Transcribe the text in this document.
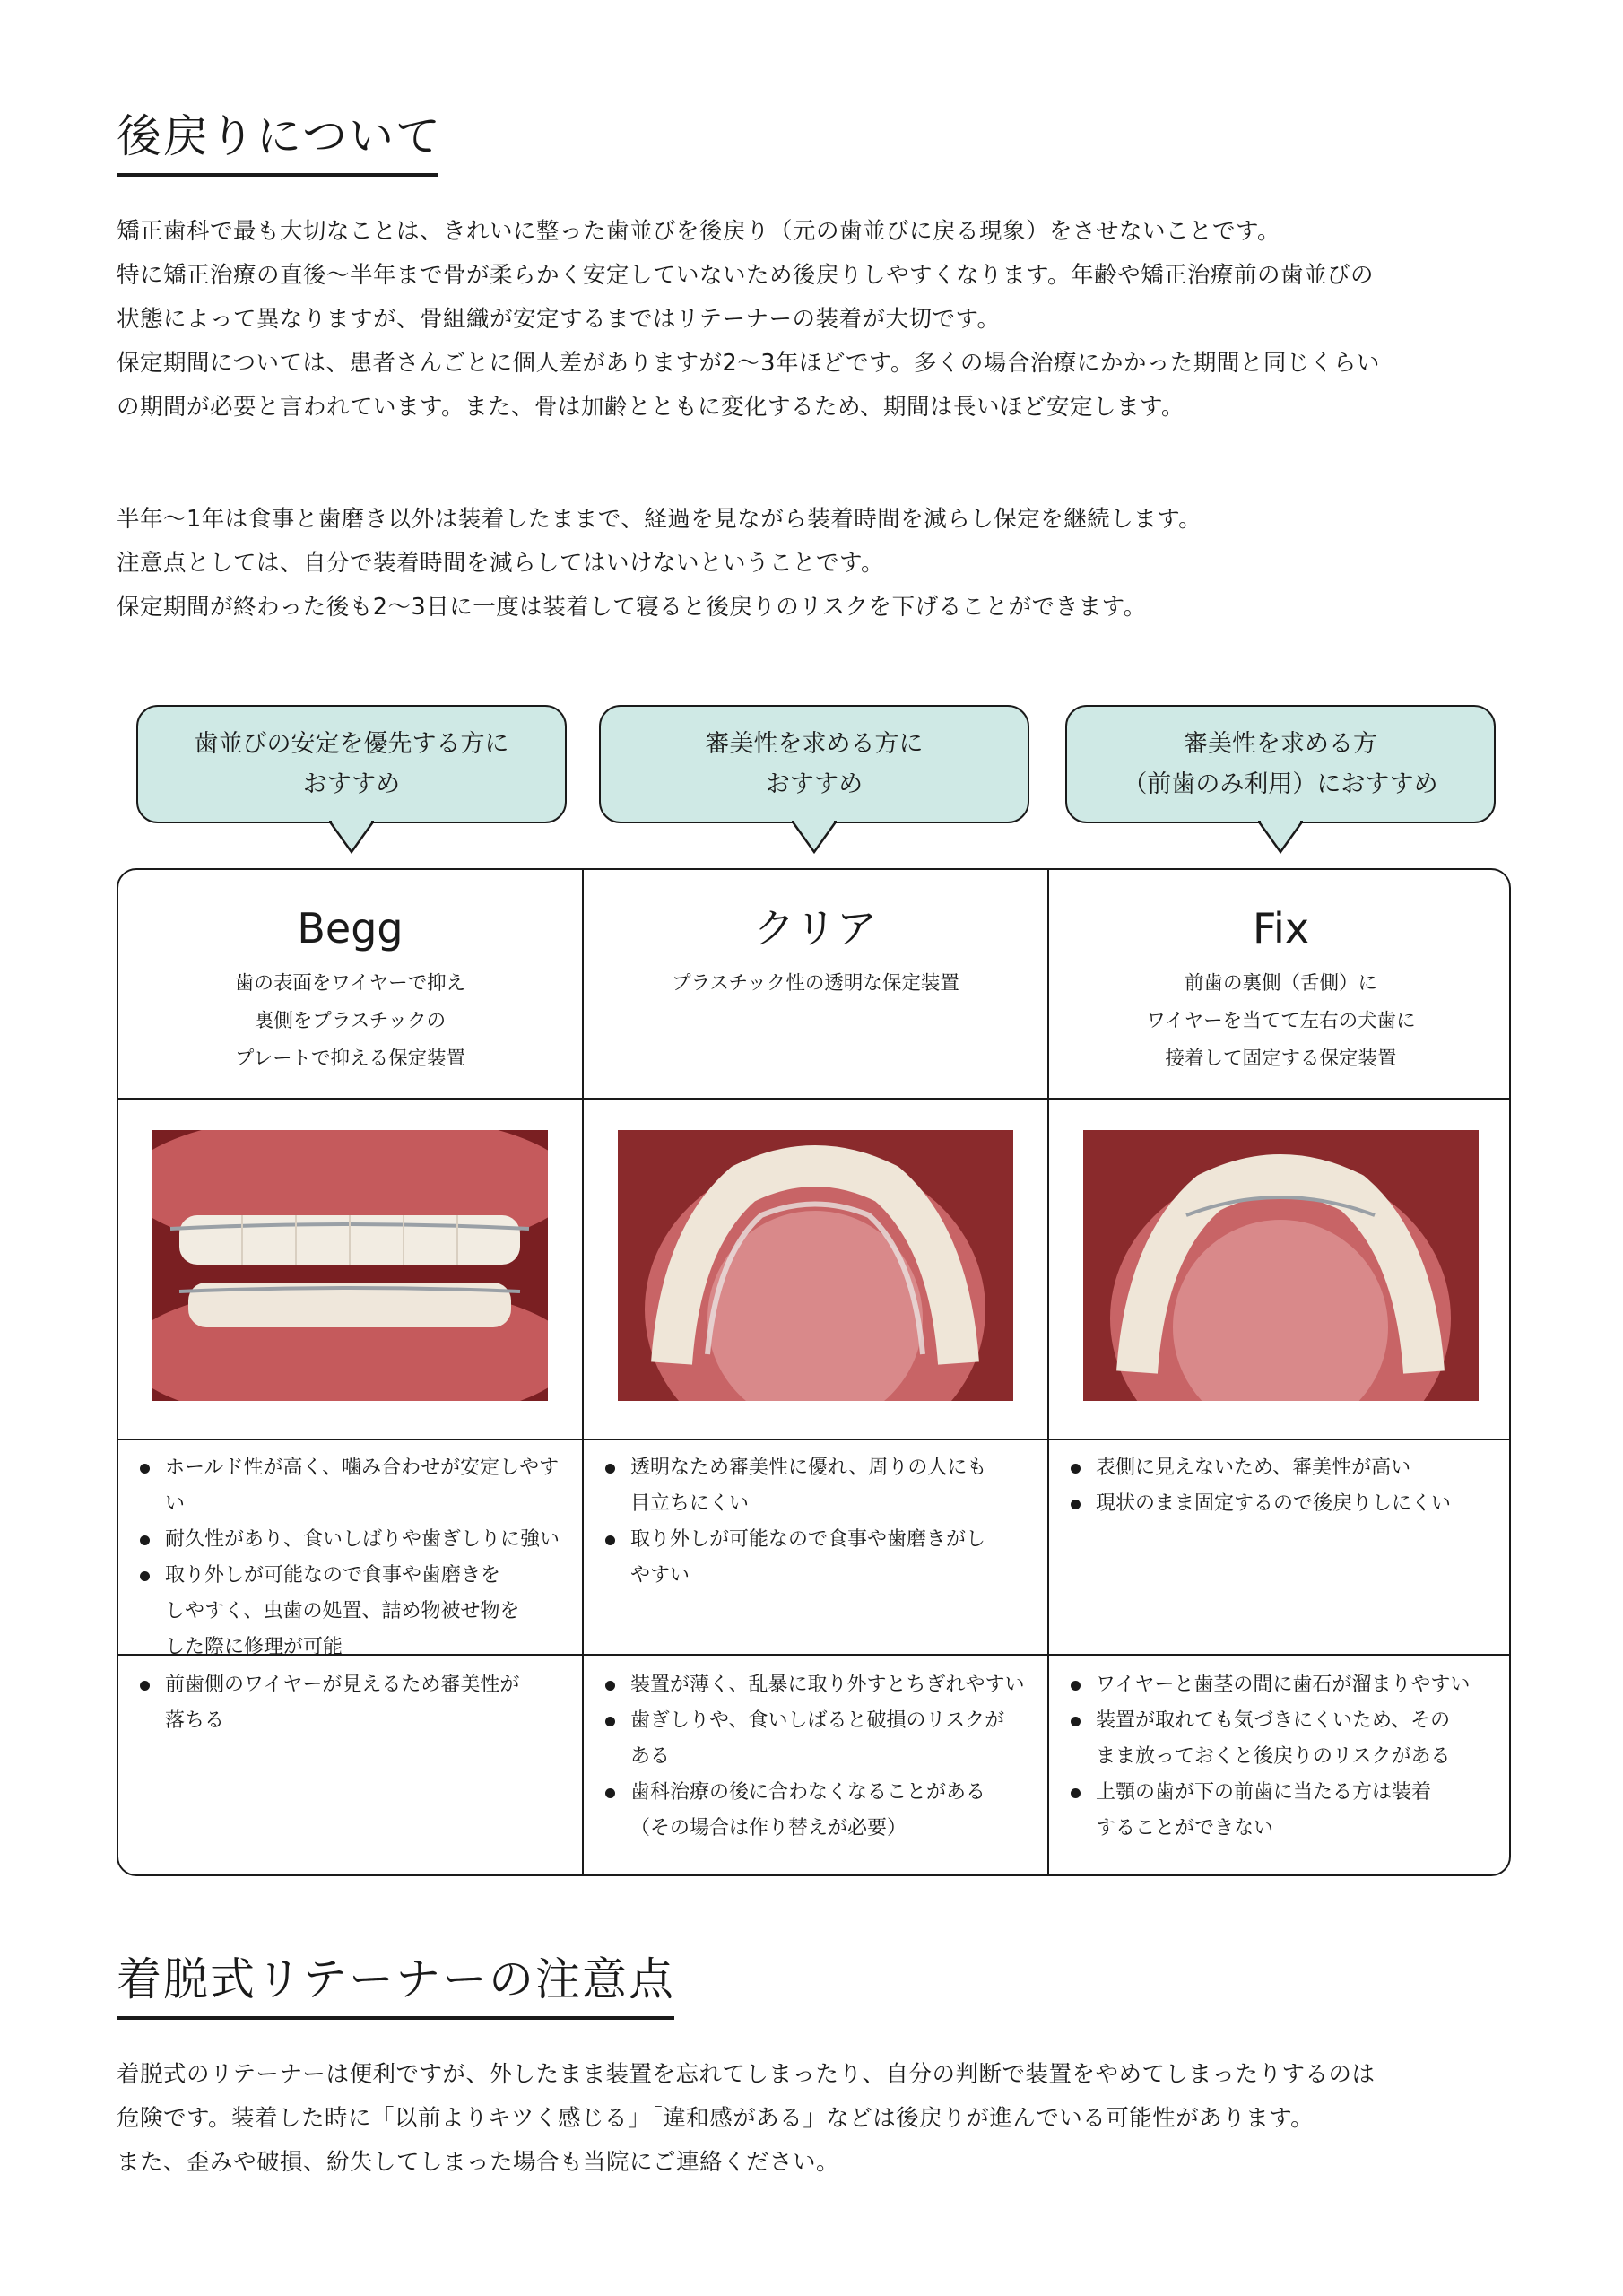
後戻りについて

矯正歯科で最も大切なことは、きれいに整った歯並びを後戻り（元の歯並びに戻る現象）をさせないことです。

特に矯正治療の直後〜半年まで骨が柔らかく安定していないため後戻りしやすくなります。年齢や矯正治療前の歯並びの

状態によって異なりますが、骨組織が安定するまではリテーナーの装着が大切です。

保定期間については、患者さんごとに個人差がありますが2〜3年ほどです。多くの場合治療にかかった期間と同じくらい

の期間が必要と言われています。また、骨は加齢とともに変化するため、期間は長いほど安定します。

半年〜1年は食事と歯磨き以外は装着したままで、経過を見ながら装着時間を減らし保定を継続します。

注意点としては、自分で装着時間を減らしてはいけないということです。

保定期間が終わった後も2〜3日に一度は装着して寝ると後戻りのリスクを下げることができます。

歯並びの安定を優先する方に
おすすめ
審美性を求める方に
おすすめ
審美性を求める方
（前歯のみ利用）におすすめ
Begg
歯の表面をワイヤーで抑え
裏側をプラスチックの
プレートで抑える保定装置
ホールド性が高く、噛み合わせが安定しやすい
耐久性があり、食いしばりや歯ぎしりに強い
取り外しが可能なので食事や歯磨きを
しやすく、虫歯の処置、詰め物被せ物を
した際に修理が可能
前歯側のワイヤーが見えるため審美性が
落ちる
クリア
プラスチック性の透明な保定装置
透明なため審美性に優れ、周りの人にも
目立ちにくい
取り外しが可能なので食事や歯磨きがし
やすい
装置が薄く、乱暴に取り外すとちぎれやすい
歯ぎしりや、食いしばると破損のリスクが
ある
歯科治療の後に合わなくなることがある
（その場合は作り替えが必要）
Fix
前歯の裏側（舌側）に
ワイヤーを当てて左右の犬歯に
接着して固定する保定装置
表側に見えないため、審美性が高い
現状のまま固定するので後戻りしにくい
ワイヤーと歯茎の間に歯石が溜まりやすい
装置が取れても気づきにくいため、その
まま放っておくと後戻りのリスクがある
上顎の歯が下の前歯に当たる方は装着
することができない
着脱式リテーナーの注意点

着脱式のリテーナーは便利ですが、外したまま装置を忘れてしまったり、自分の判断で装置をやめてしまったりするのは

危険です。装着した時に「以前よりキツく感じる」「違和感がある」などは後戻りが進んでいる可能性があります。

また、歪みや破損、紛失してしまった場合も当院にご連絡ください。
